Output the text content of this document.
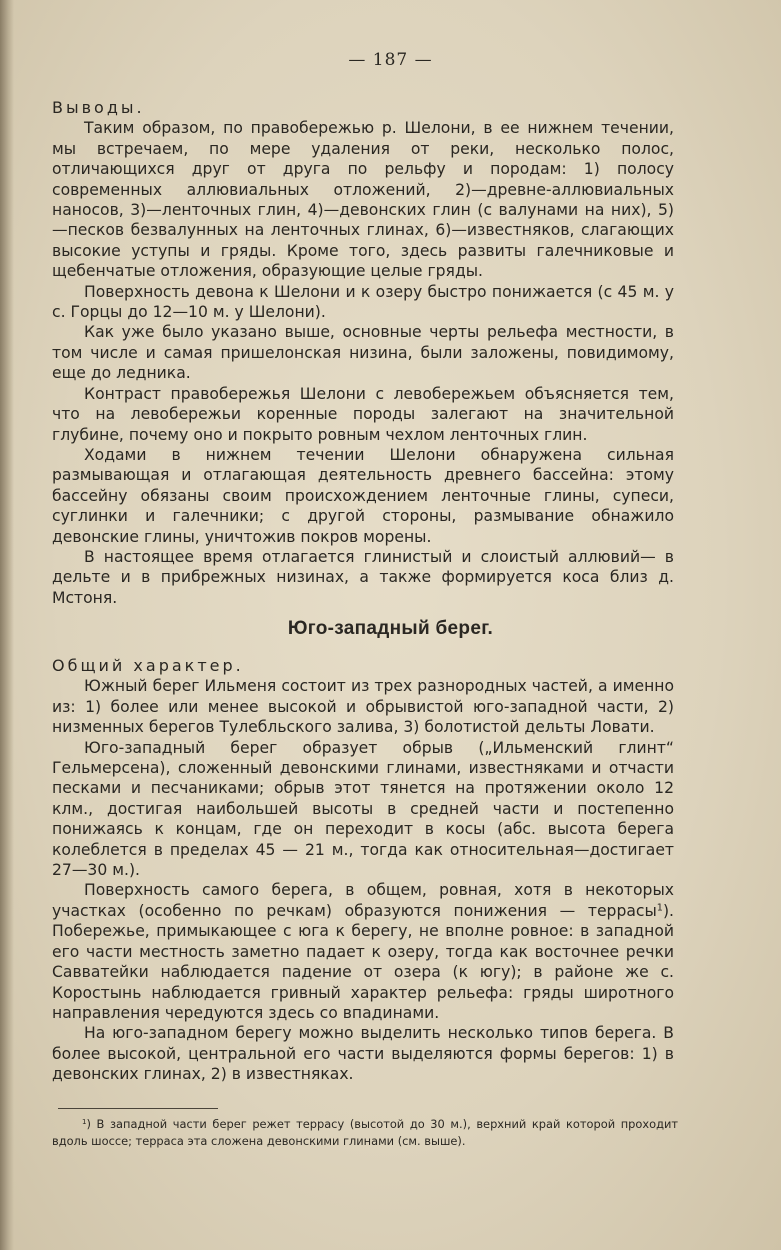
— 187 —

Выводы.

Таким образом, по правобережью р. Шелони, в ее нижнем течении, мы встречаем, по мере удаления от реки, несколько полос, отличающихся друг от друга по рельфу и породам: 1) полосу современных аллювиальных отложений, 2)—древне-аллювиальных наносов, 3)—ленточных глин, 4)—девонских глин (с валунами на них), 5)—песков безвалунных на ленточных глинах, 6)—известняков, слагающих высокие уступы и гряды. Кроме того, здесь развиты галечниковые и щебенчатые отложения, образующие целые гряды.

Поверхность девона к Шелони и к озеру быстро понижается (с 45 м. у с. Горцы до 12—10 м. у Шелони).

Как уже было указано выше, основные черты рельефа местности, в том числе и самая пришелонская низина, были заложены, повидимому, еще до ледника.

Контраст правобережья Шелони с левобережьем объясняется тем, что на левобережьи коренные породы залегают на значительной глубине, почему оно и покрыто ровным чехлом ленточных глин.

Ходами в нижнем течении Шелони обнаружена сильная размывающая и отлагающая деятельность древнего бассейна: этому бассейну обязаны своим происхождением ленточные глины, супеси, суглинки и галечники; с другой стороны, размывание обнажило девонские глины, уничтожив покров морены.

В настоящее время отлагается глинистый и слоистый аллювий— в дельте и в прибрежных низинах, а также формируется коса близ д. Мстоня.

Юго-западный берег.

Общий характер.

Южный берег Ильменя состоит из трех разнородных частей, а именно из: 1) более или менее высокой и обрывистой юго-западной части, 2) низменных берегов Тулебльского залива, 3) болотистой дельты Ловати.

Юго-западный берег образует обрыв („Ильменский глинт“ Гельмерсена), сложенный девонскими глинами, известняками и отчасти песками и песчаниками; обрыв этот тянется на протяжении около 12 клм., достигая наибольшей высоты в средней части и постепенно понижаясь к концам, где он переходит в косы (абс. высота берега колеблется в пределах 45 — 21 м., тогда как относительная—достигает 27—30 м.).

Поверхность самого берега, в общем, ровная, хотя в некоторых участках (особенно по речкам) образуются понижения — террасы$^1$). Побережье, примыкающее с юга к берегу, не вполне ровное: в западной его части местность заметно падает к озеру, тогда как восточнее речки Савватейки наблюдается падение от озера (к югу); в районе же с. Коростынь наблюдается гривный характер рельефа: гряды широтного направления чередуются здесь со впадинами.

На юго-западном берегу можно выделить несколько типов берега. В более высокой, центральной его части выделяются формы берегов: 1) в девонских глинах, 2) в известняках.

$^1$) В западной части берег режет террасу (высотой до 30 м.), верхний край которой проходит вдоль шоссе; терраса эта сложена девонскими глинами (см. выше).
